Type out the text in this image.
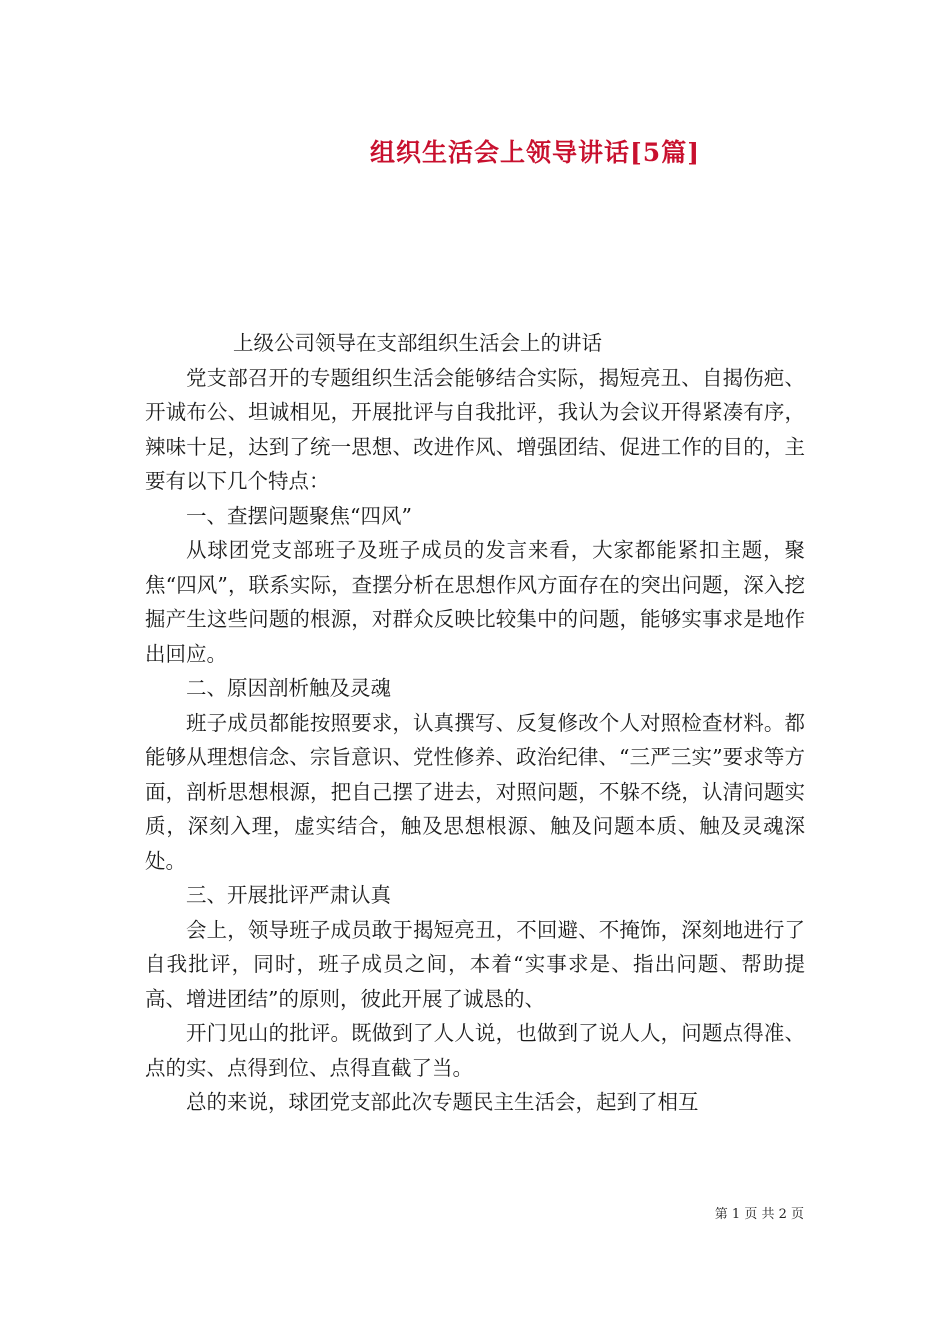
组织生活会上领导讲话[5篇]

上级公司领导在支部组织生活会上的讲话

党支部召开的专题组织生活会能够结合实际，揭短亮丑、自揭伤疤、开诚布公、坦诚相见，开展批评与自我批评，我认为会议开得紧凑有序，辣味十足，达到了统一思想、改进作风、增强团结、促进工作的目的，主要有以下几个特点：

一、查摆问题聚焦“四风”

从球团党支部班子及班子成员的发言来看，大家都能紧扣主题，聚焦“四风”，联系实际，查摆分析在思想作风方面存在的突出问题，深入挖掘产生这些问题的根源，对群众反映比较集中的问题，能够实事求是地作出回应。

二、原因剖析触及灵魂

班子成员都能按照要求，认真撰写、反复修改个人对照检查材料。都能够从理想信念、宗旨意识、党性修养、政治纪律、“三严三实”要求等方面，剖析思想根源，把自己摆了进去，对照问题，不躲不绕，认清问题实质，深刻入理，虚实结合，触及思想根源、触及问题本质、触及灵魂深处。

三、开展批评严肃认真

会上，领导班子成员敢于揭短亮丑，不回避、不掩饰，深刻地进行了自我批评，同时，班子成员之间，本着“实事求是、指出问题、帮助提高、增进团结”的原则，彼此开展了诚恳的、

开门见山的批评。既做到了人人说，也做到了说人人，问题点得准、点的实、点得到位、点得直截了当。

总的来说，球团党支部此次专题民主生活会，起到了相互

第 1 页 共 2 页
